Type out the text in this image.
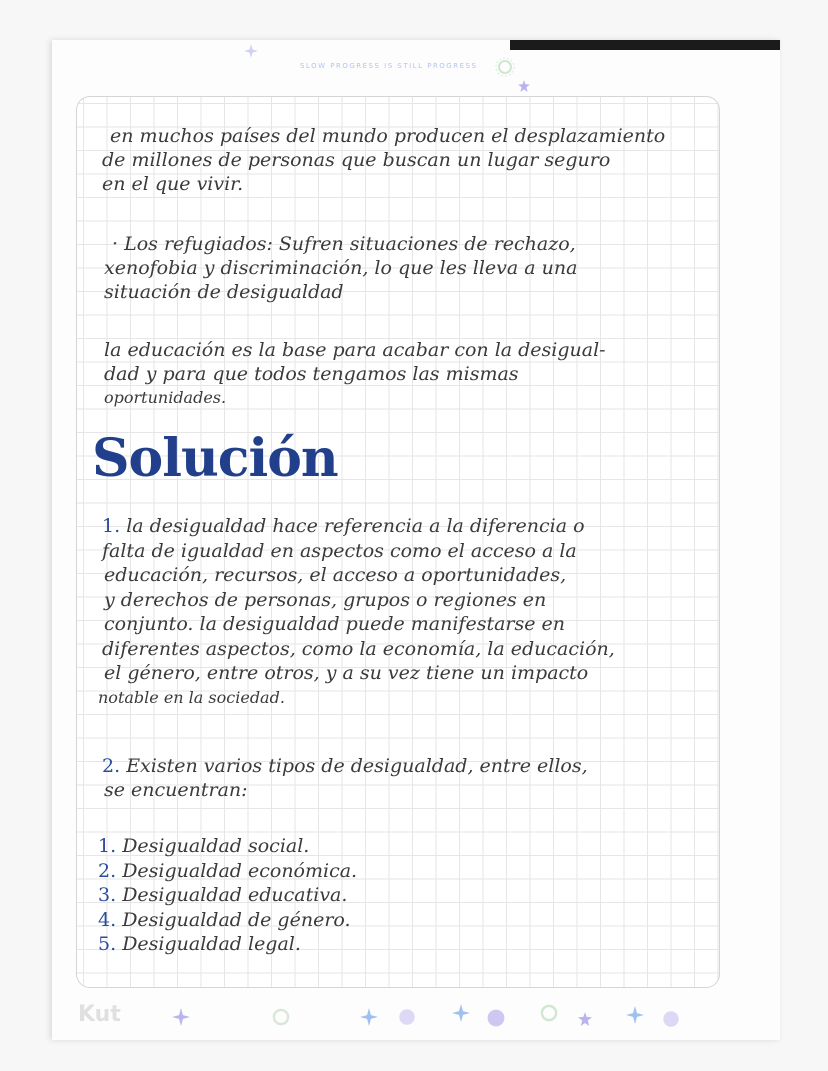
SLOW PROGRESS IS STILL PROGRESS
en muchos países del mundo producen el desplazamiento
de millones de personas que buscan un lugar seguro
en el que vivir.
· Los refugiados: Sufren situaciones de rechazo,
xenofobia y discriminación, lo que les lleva a una
situación de desigualdad
la educación es la base para acabar con la desigual-
dad y para que todos tengamos las mismas
oportunidades.
Solución
1. la desigualdad hace referencia a la diferencia o
falta de igualdad en aspectos como el acceso a la
educación, recursos, el acceso a oportunidades,
y derechos de personas, grupos o regiones en
conjunto. la desigualdad puede manifestarse en
diferentes aspectos, como la economía, la educación,
el género, entre otros, y a su vez tiene un impacto
notable en la sociedad.
2. Existen varios tipos de desigualdad, entre ellos,
se encuentran:
1. Desigualdad social.
2. Desigualdad económica.
3. Desigualdad educativa.
4. Desigualdad de género.
5. Desigualdad legal.
Kut
